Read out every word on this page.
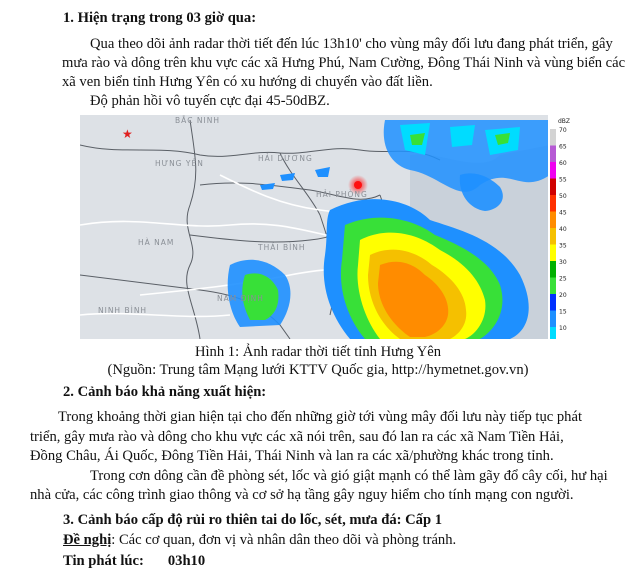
1. Hiện trạng trong 03 giờ qua:
Qua theo dõi ảnh radar thời tiết đến lúc 13h10' cho vùng mây đối lưu đang phát triển, gây
mưa rào và dông trên khu vực các xã Hưng Phú, Nam Cường, Đông Thái Ninh và vùng biển các
xã ven biển tỉnh Hưng Yên có xu hướng di chuyển vào đất liền.
Độ phản hồi vô tuyến cực đại 45-50dBZ.
★
BẮC NINH
HẢI DƯƠNG
HƯNG YÊN
HẢI PHÒNG
HÀ NAM
THÁI BÌNH
NAM ĐỊNH
NINH BÌNH
dBZ
70
65
60
55
50
45
40
35
30
25
20
15
10
Hình 1: Ảnh radar thời tiết tỉnh Hưng Yên
(Nguồn: Trung tâm Mạng lưới KTTV Quốc gia, http://hymetnet.gov.vn)
2. Cảnh báo khả năng xuất hiện:
Trong khoảng thời gian hiện tại cho đến những giờ tới vùng mây đối lưu này tiếp tục phát
triển, gây mưa rào và dông cho khu vực các xã nói trên, sau đó lan ra các xã Nam Tiền Hải,
Đồng Châu, Ái Quốc, Đông Tiền Hải, Thái Ninh và lan ra các xã/phường khác trong tỉnh.
Trong cơn dông cần đề phòng sét, lốc và gió giật mạnh có thể làm gãy đổ cây cối, hư hại
nhà cửa, các công trình giao thông và cơ sở hạ tầng gây nguy hiểm cho tính mạng con người.
3. Cảnh báo cấp độ rủi ro thiên tai do lốc, sét, mưa đá: Cấp 1
Đề nghị: Các cơ quan, đơn vị và nhân dân theo dõi và phòng tránh.
Tin phát lúc: 03h10
